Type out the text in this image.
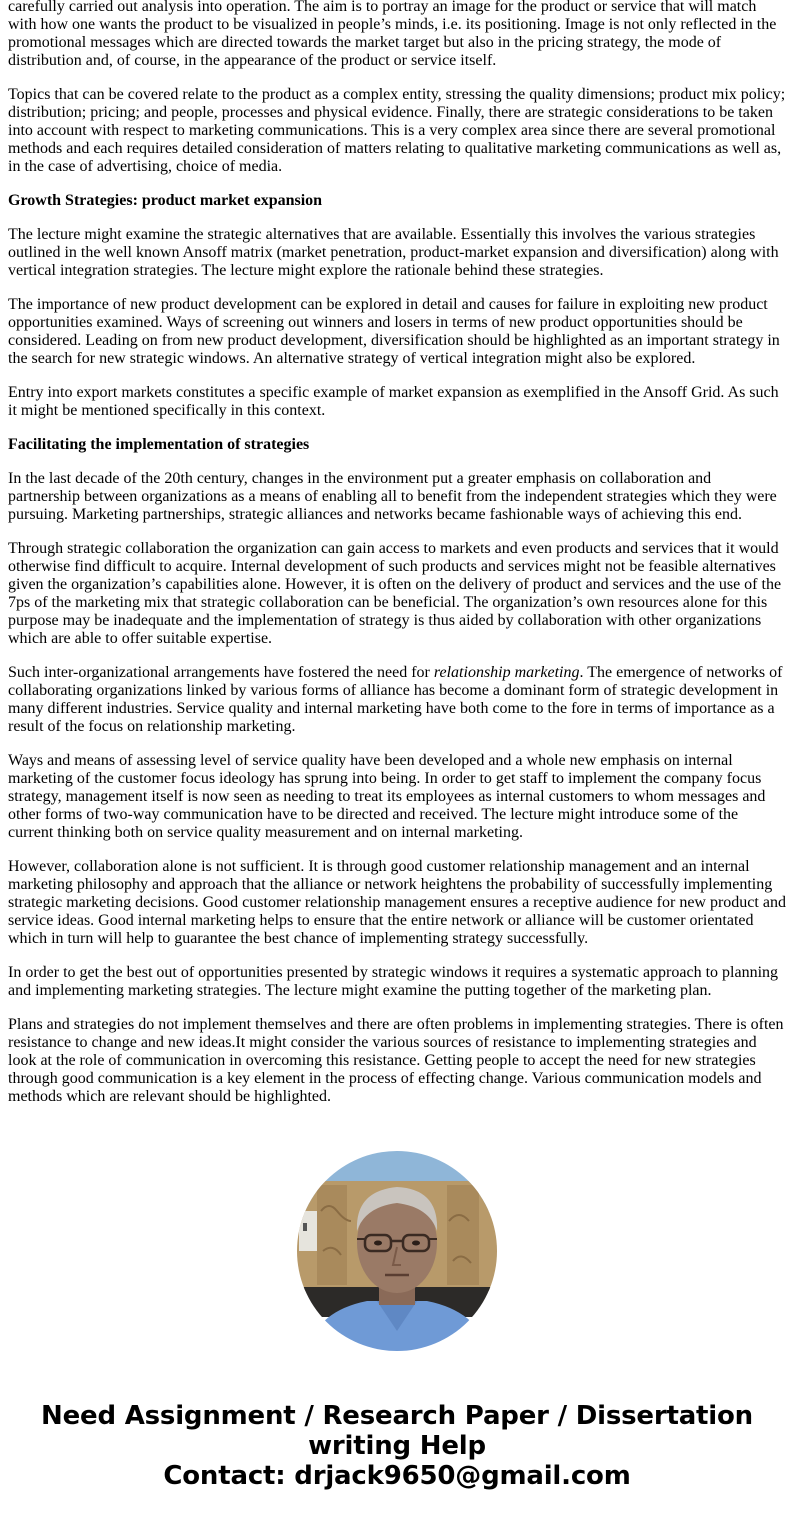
carefully carried out analysis into operation. The aim is to portray an image for the product or service that will match with how one wants the product to be visualized in people’s minds, i.e. its positioning. Image is not only reflected in the promotional messages which are directed towards the market target but also in the pricing strategy, the mode of distribution and, of course, in the appearance of the product or service itself.

Topics that can be covered relate to the product as a complex entity, stressing the quality dimensions; product mix policy; distribution; pricing; and people, processes and physical evidence. Finally, there are strategic considerations to be taken into account with respect to marketing communications. This is a very complex area since there are several promotional methods and each requires detailed consideration of matters relating to qualitative marketing communications as well as, in the case of advertising, choice of media.

Growth Strategies: product market expansion

The lecture might examine the strategic alternatives that are available. Essentially this involves the various strategies outlined in the well known Ansoff matrix (market penetration, product-market expansion and diversification) along with vertical integration strategies. The lecture might explore the rationale behind these strategies.

The importance of new product development can be explored in detail and causes for failure in exploiting new product opportunities examined. Ways of screening out winners and losers in terms of new product opportunities should be considered. Leading on from new product development, diversification should be highlighted as an important strategy in the search for new strategic windows. An alternative strategy of vertical integration might also be explored.

Entry into export markets constitutes a specific example of market expansion as exemplified in the Ansoff Grid. As such it might be mentioned specifically in this context.

Facilitating the implementation of strategies

In the last decade of the 20th century, changes in the environment put a greater emphasis on collaboration and partnership between organizations as a means of enabling all to benefit from the independent strategies which they were pursuing. Marketing partnerships, strategic alliances and networks became fashionable ways of achieving this end.

Through strategic collaboration the organization can gain access to markets and even products and services that it would otherwise find difficult to acquire. Internal development of such products and services might not be feasible alternatives given the organization’s capabilities alone. However, it is often on the delivery of product and services and the use of the 7ps of the marketing mix that strategic collaboration can be beneficial. The organization’s own resources alone for this purpose may be inadequate and the implementation of strategy is thus aided by collaboration with other organizations which are able to offer suitable expertise.

Such inter-organizational arrangements have fostered the need for relationship marketing. The emergence of networks of collaborating organizations linked by various forms of alliance has become a dominant form of strategic development in many different industries. Service quality and internal marketing have both come to the fore in terms of importance as a result of the focus on relationship marketing.

Ways and means of assessing level of service quality have been developed and a whole new emphasis on internal marketing of the customer focus ideology has sprung into being. In order to get staff to implement the company focus strategy, management itself is now seen as needing to treat its employees as internal customers to whom messages and other forms of two-way communication have to be directed and received. The lecture might introduce some of the current thinking both on service quality measurement and on internal marketing.

However, collaboration alone is not sufficient. It is through good customer relationship management and an internal marketing philosophy and approach that the alliance or network heightens the probability of successfully implementing strategic marketing decisions. Good customer relationship management ensures a receptive audience for new product and service ideas. Good internal marketing helps to ensure that the entire network or alliance will be customer orientated which in turn will help to guarantee the best chance of implementing strategy successfully.

In order to get the best out of opportunities presented by strategic windows it requires a systematic approach to planning and implementing marketing strategies. The lecture might examine the putting together of the marketing plan.

Plans and strategies do not implement themselves and there are often problems in implementing strategies. There is often resistance to change and new ideas.It might consider the various sources of resistance to implementing strategies and look at the role of communication in overcoming this resistance. Getting people to accept the need for new strategies through good communication is a key element in the process of effecting change. Various communication models and methods which are relevant should be highlighted.

Need Assignment / Research Paper / Dissertation
writing Help
Contact: drjack9650@gmail.com
